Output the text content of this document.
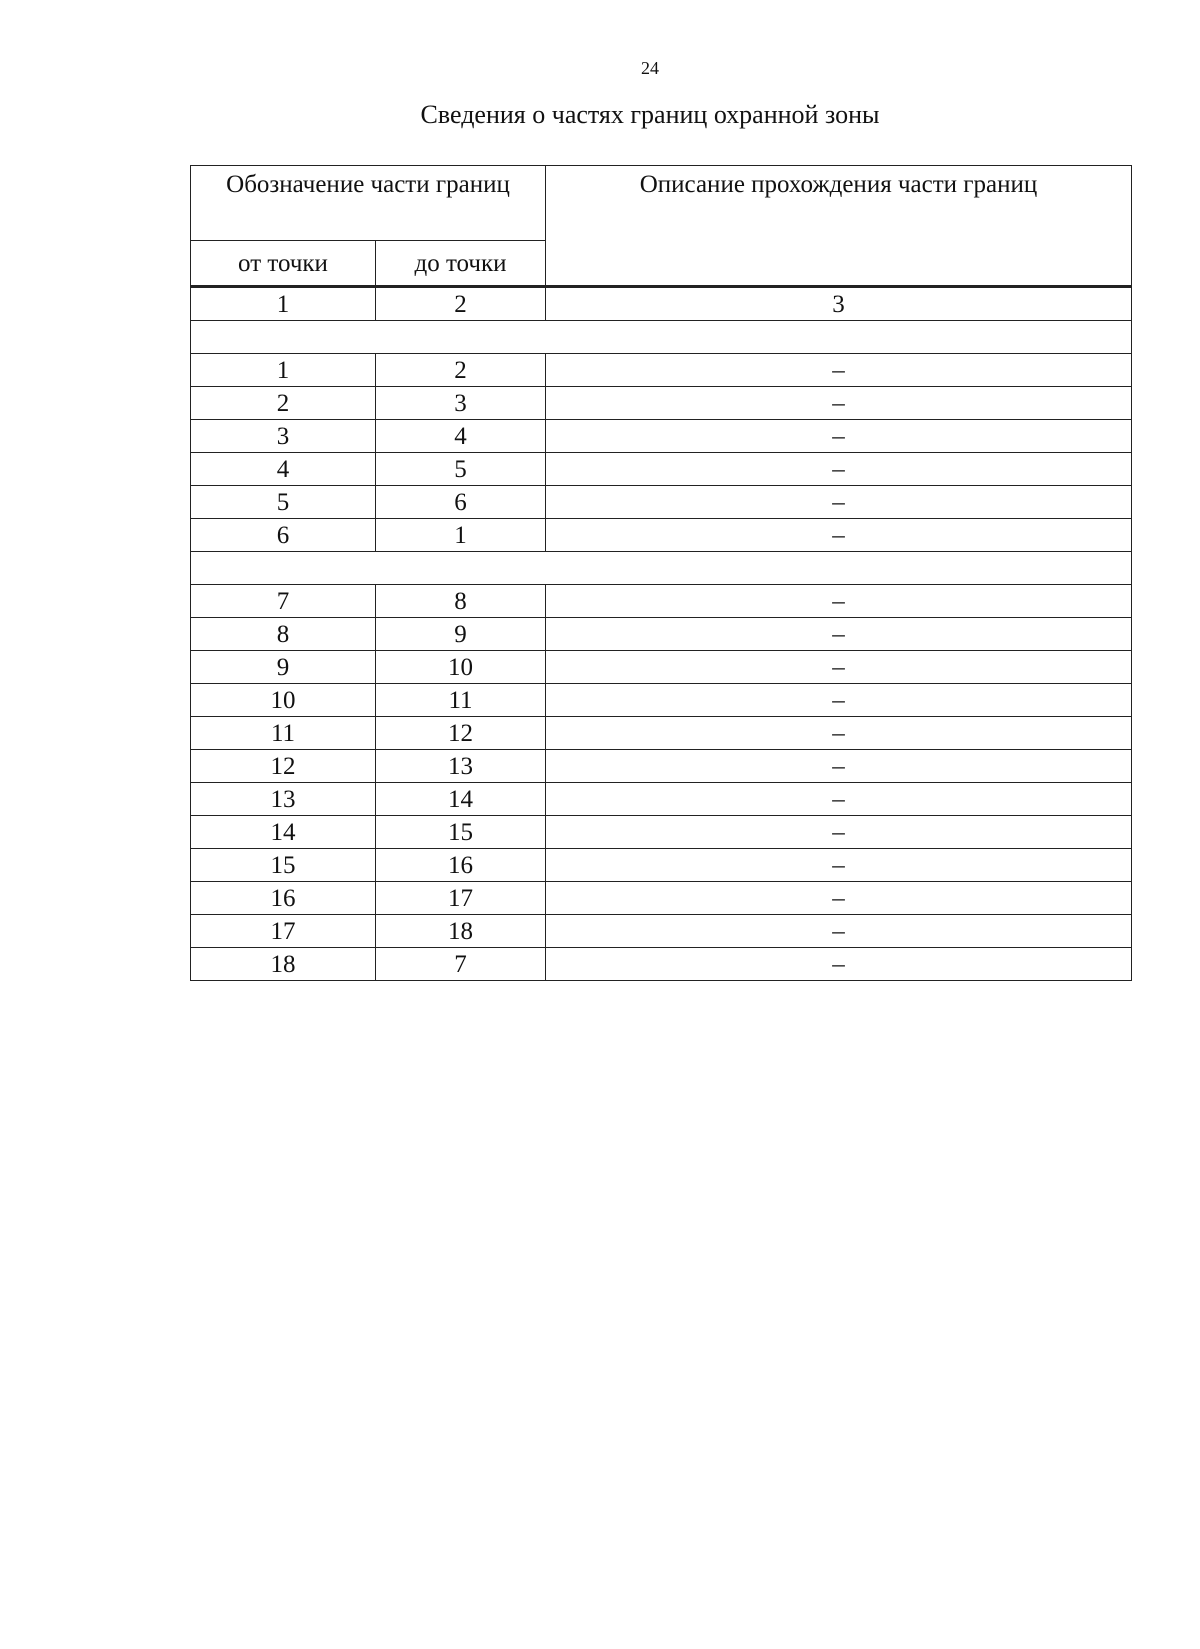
24
Сведения о частях границ охранной зоны
Обозначение части границ		Описание прохождения части границ
от точки	до точки	
1	2	3

1	2	–
2	3	–
3	4	–
4	5	–
5	6	–
6	1	–

7	8	–
8	9	–
9	10	–
10	11	–
11	12	–
12	13	–
13	14	–
14	15	–
15	16	–
16	17	–
17	18	–
18	7	–
